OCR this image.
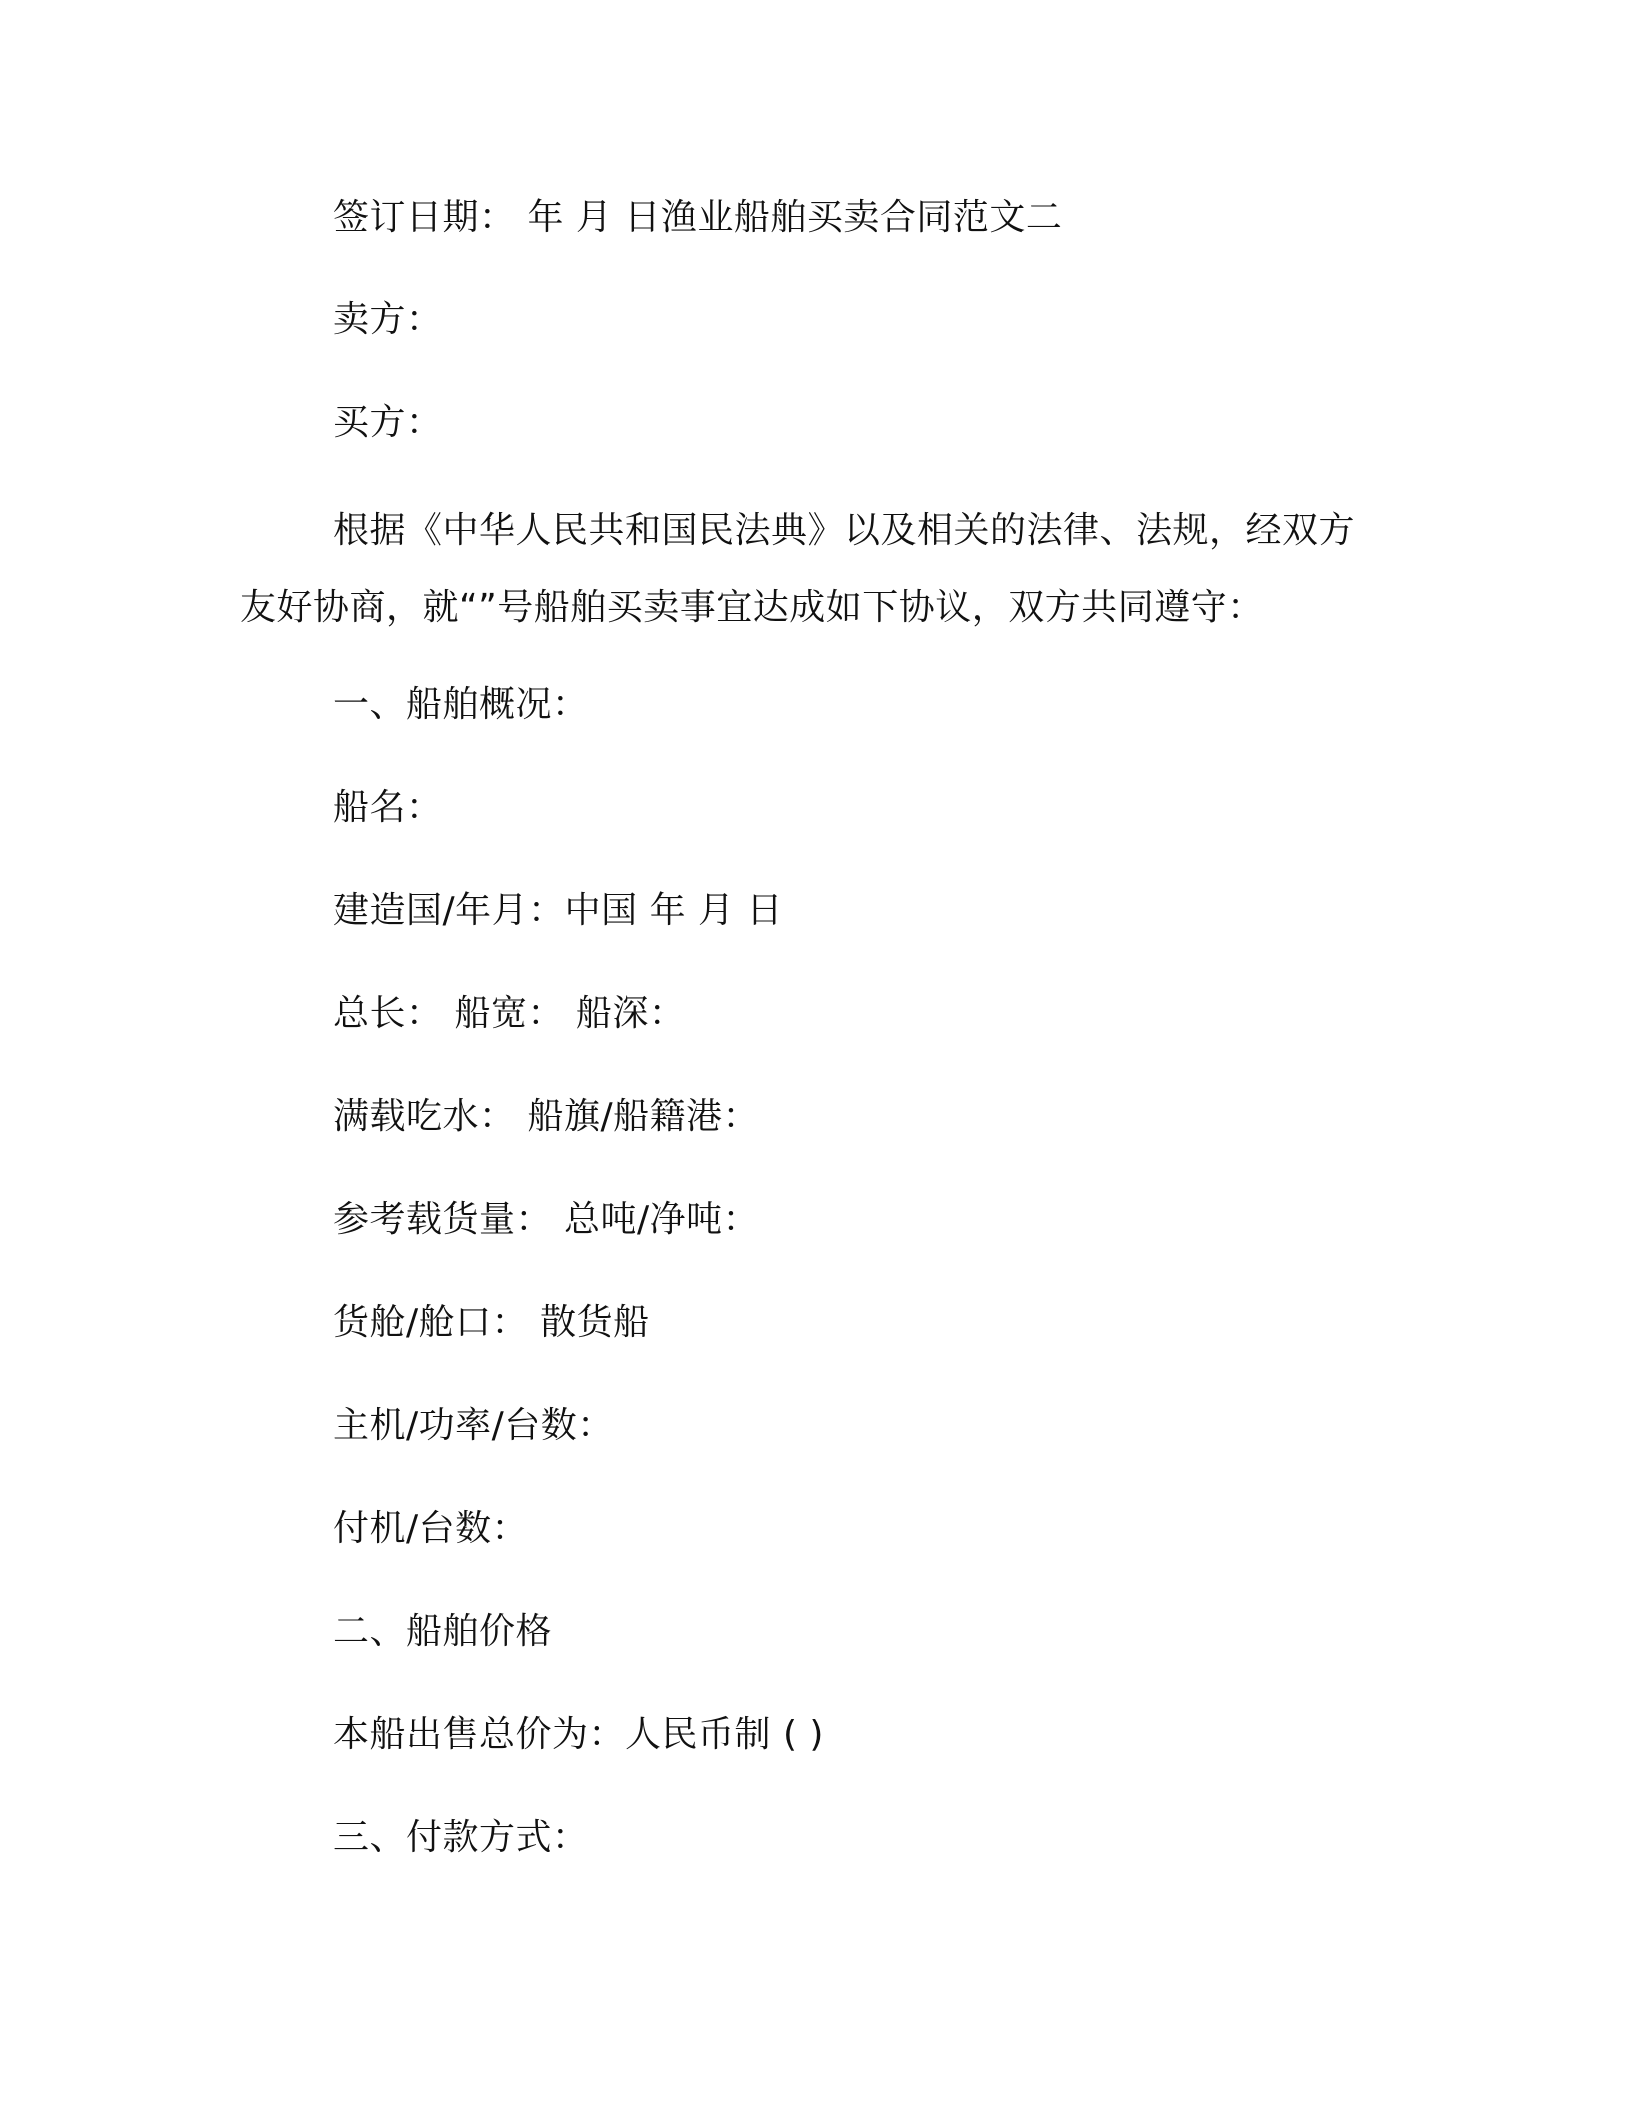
签订日期： 年 月 日渔业船舶买卖合同范文二
卖方：
买方：
根据《中华人民共和国民法典》以及相关的法律、法规，经双方友好协商，就“”号船舶买卖事宜达成如下协议，双方共同遵守：
一、船舶概况：
船名：
建造国/年月：中国 年 月 日
总长： 船宽： 船深：
满载吃水： 船旗/船籍港：
参考载货量： 总吨/净吨：
货舱/舱口： 散货船
主机/功率/台数：
付机/台数：
二、船舶价格
本船出售总价为：人民币制 ( )
三、付款方式：
